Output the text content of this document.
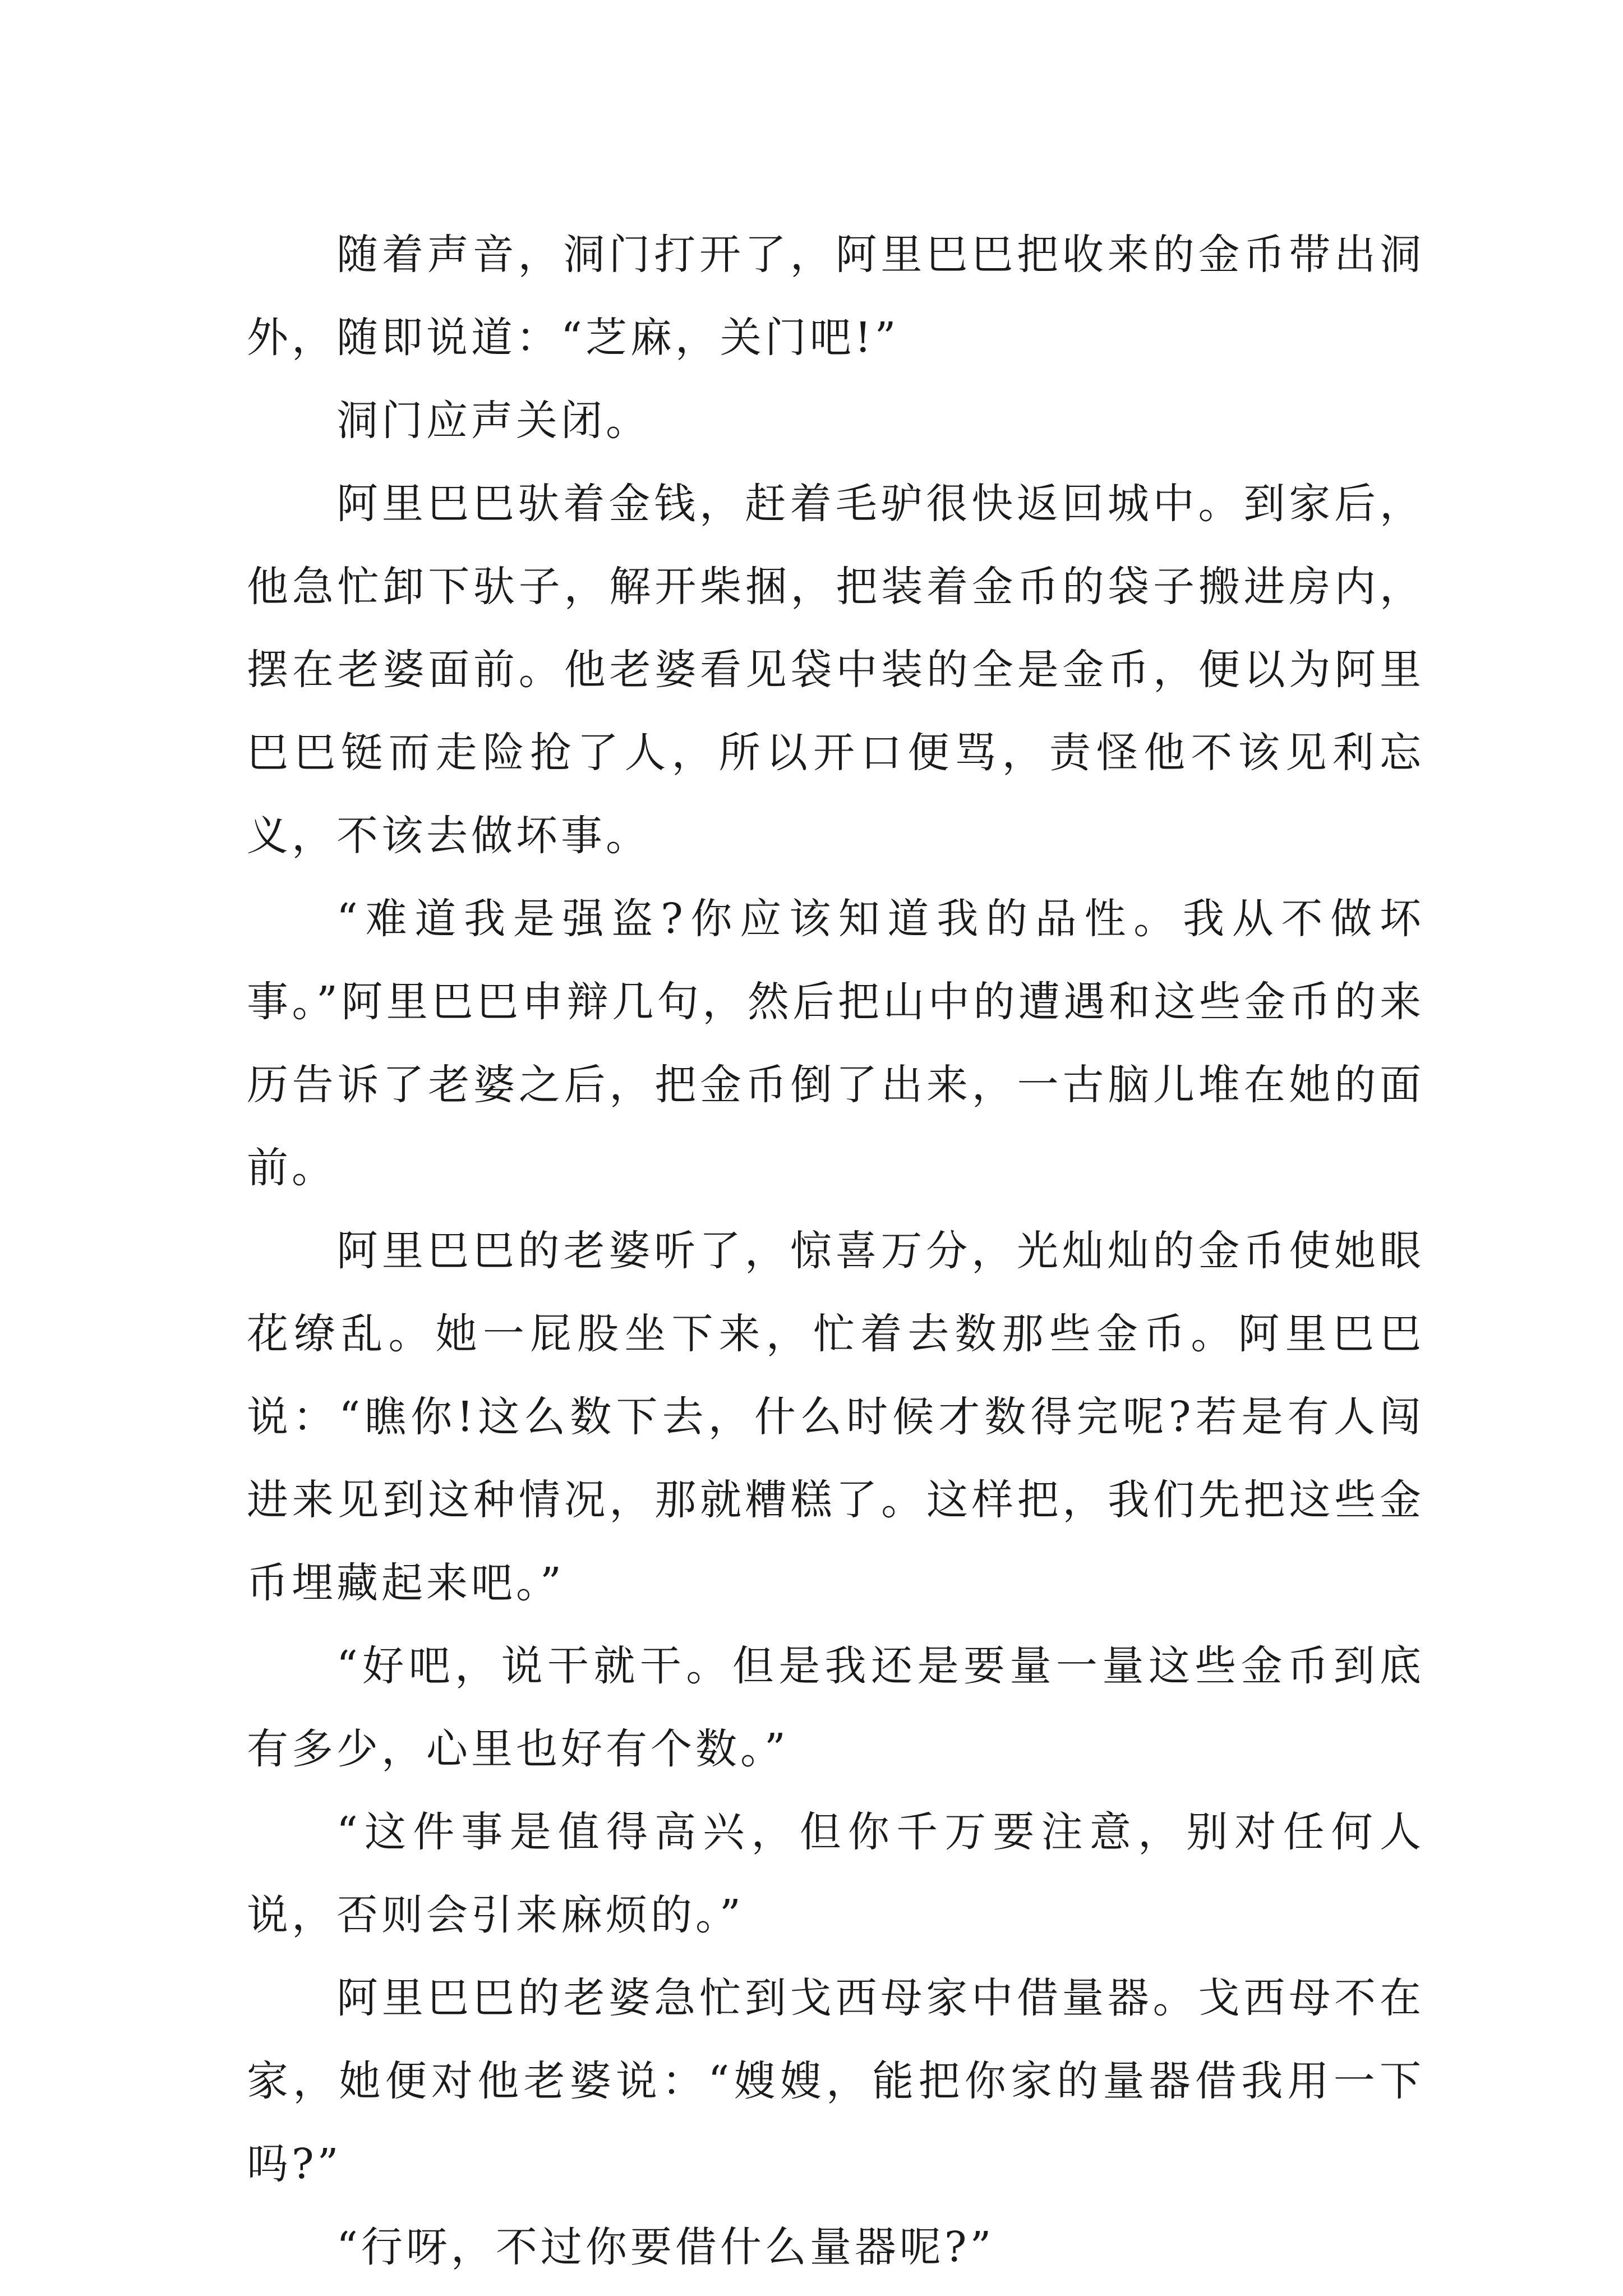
随着声音，洞门打开了，阿里巴巴把收来的金币带出洞外，随即说道：“芝麻，关门吧!”

洞门应声关闭。

阿里巴巴驮着金钱，赶着毛驴很快返回城中。到家后，他急忙卸下驮子，解开柴捆，把装着金币的袋子搬进房内，摆在老婆面前。他老婆看见袋中装的全是金币，便以为阿里巴巴铤而走险抢了人，所以开口便骂，责怪他不该见利忘义，不该去做坏事。

“难道我是强盗?你应该知道我的品性。我从不做坏事。”阿里巴巴申辩几句，然后把山中的遭遇和这些金币的来历告诉了老婆之后，把金币倒了出来，一古脑儿堆在她的面前。

阿里巴巴的老婆听了，惊喜万分，光灿灿的金币使她眼花缭乱。她一屁股坐下来，忙着去数那些金币。阿里巴巴说：“瞧你!这么数下去，什么时候才数得完呢?若是有人闯进来见到这种情况，那就糟糕了。这样把，我们先把这些金币埋藏起来吧。”

“好吧，说干就干。但是我还是要量一量这些金币到底有多少，心里也好有个数。”

“这件事是值得高兴，但你千万要注意，别对任何人说，否则会引来麻烦的。”

阿里巴巴的老婆急忙到戈西母家中借量器。戈西母不在家，她便对他老婆说：“嫂嫂，能把你家的量器借我用一下吗?”

“行呀，不过你要借什么量器呢?”
